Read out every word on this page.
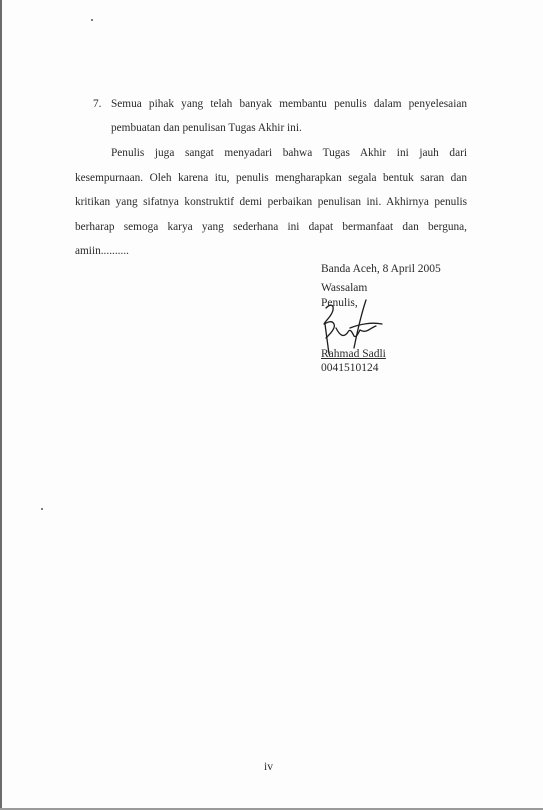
7. Semua pihak yang telah banyak membantu penulis dalam penyelesaian
pembuatan dan penulisan Tugas Akhir ini.
Penulis juga sangat menyadari bahwa Tugas Akhir ini jauh dari
kesempurnaan. Oleh karena itu, penulis mengharapkan segala bentuk saran dan
kritikan yang sifatnya konstruktif demi perbaikan penulisan ini. Akhirnya penulis
berharap semoga karya yang sederhana ini dapat bermanfaat dan berguna,
amiin..........
Banda Aceh, 8 April 2005
Wassalam
Penulis,
Rahmad Sadli
0041510124
iv
